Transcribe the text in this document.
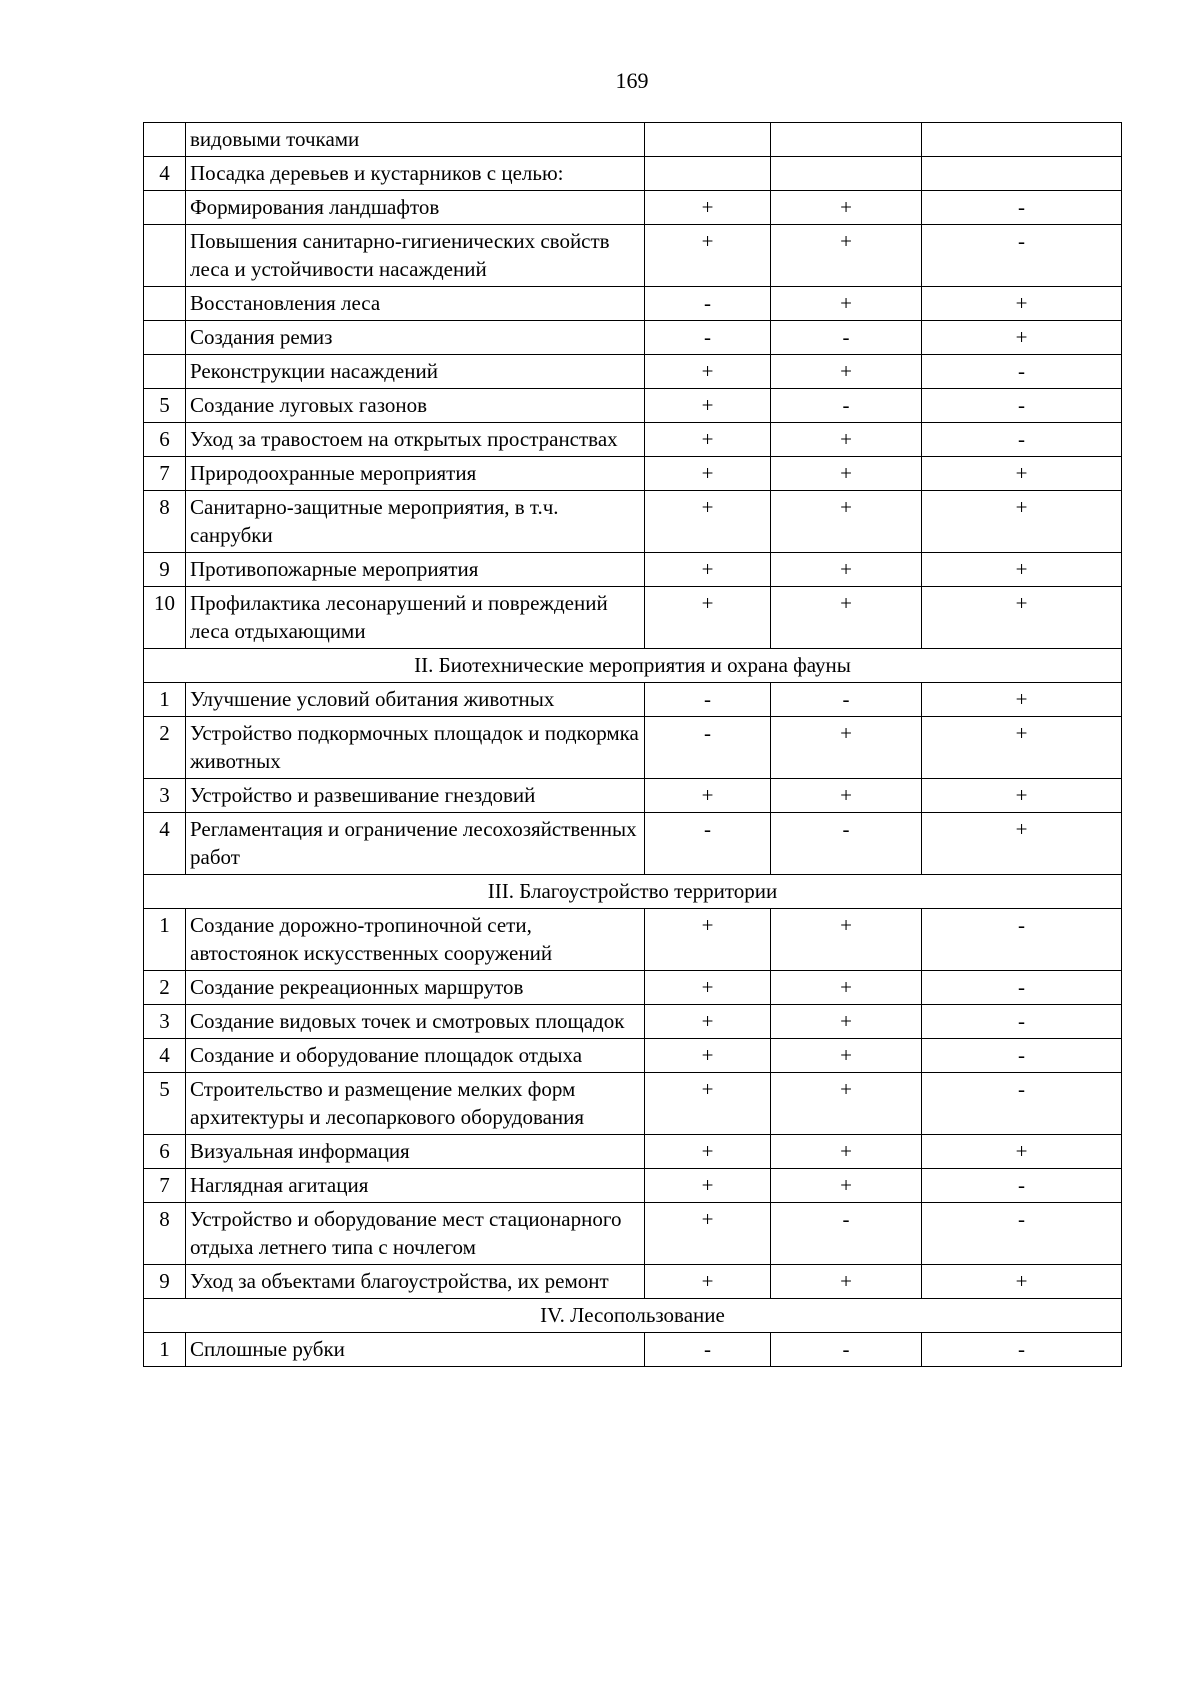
169
	видовыми точками			
4	Посадка деревьев и кустарников с целью:			
	Формирования ландшафтов	+	+	-
	Повышения санитарно-гигиенических свойств леса и устойчивости насаждений	+	+	-
	Восстановления леса	-	+	+
	Создания ремиз	-	-	+
	Реконструкции насаждений	+	+	-
5	Создание луговых газонов	+	-	-
6	Уход за травостоем на открытых пространствах	+	+	-
7	Природоохранные мероприятия	+	+	+
8	Санитарно-защитные мероприятия, в т.ч. санрубки	+	+	+
9	Противопожарные мероприятия	+	+	+
10	Профилактика лесонарушений и повреждений леса отдыхающими	+	+	+
II. Биотехнические мероприятия и охрана фауны				
1	Улучшение условий обитания животных	-	-	+
2	Устройство подкормочных площадок и подкормка животных	-	+	+
3	Устройство и развешивание гнездовий	+	+	+
4	Регламентация и ограничение лесохозяйственных работ	-	-	+
III. Благоустройство территории				
1	Создание дорожно-тропиночной сети, автостоянок искусственных сооружений	+	+	-
2	Создание рекреационных маршрутов	+	+	-
3	Создание видовых точек и смотровых площадок	+	+	-
4	Создание и оборудование площадок отдыха	+	+	-
5	Строительство и размещение мелких форм архитектуры и лесопаркового оборудования	+	+	-
6	Визуальная информация	+	+	+
7	Наглядная агитация	+	+	-
8	Устройство и оборудование мест стационарного отдыха летнего типа с ночлегом	+	-	-
9	Уход за объектами благоустройства, их ремонт	+	+	+
IV. Лесопользование				
1	Сплошные рубки	-	-	-
